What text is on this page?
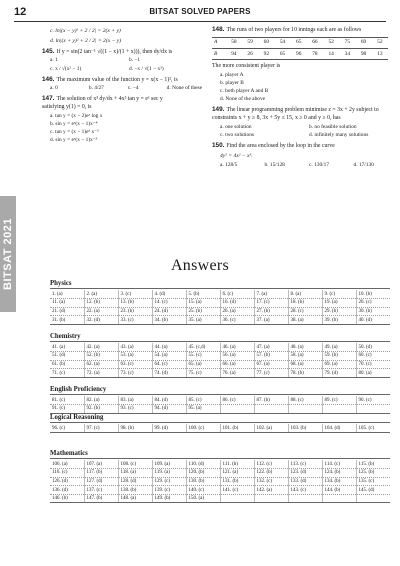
12	BITSAT SOLVED PAPERS
BITSAT 2021
c. ln|(x − y)² + 2 / 2| = 2(x + y)
d. ln|(x + y)² + 2 / 2| = 2(x − y)
145. If y = sin(2 tan⁻¹ √((1 − x)/(1 + x))), then dy/dx is
a. 1	b. −1
c. x / √(x² − 1)	d. −x / √(1 − x²)
146. The maximum value of the function y = x(x − 1)², is
a. 0	b. 4/27	c. −4	d. None of these
147. The solution of x³ dy/dx + 4x² tan y = eˣ sec y
satisfying y(1) = 0, is
a. tan y = (x − 2)eˣ log x
b. sin y = eˣ(x − 1)x⁻⁴
c. tan y = (x − 1)eˣ x⁻³
d. sin y = eˣ(x − 1)x⁻³
148. The runs of two players for 10 innings each are as follows
A	58	59	60	54	65	66	52	75	69	52
B	94	26	92	65	96	78	14	34	98	13
The more consistent player is
a. player A
b. player B
c. both player A and B
d. None of the above
149. The linear programming problem minimise z = 3x + 2y subject to constraints x + y ≥ 8, 3x + 5y ≤ 15, x ≥ 0 and y ≥ 0, has
a. one solution	b. no feasible solution
c. two solutions	d. infinitely many solutions
150. Find the area enclosed by the loop in the curve
4y² = 4x² − x³.
a. 128/5	b. 15/128	c. 130/17	d. 17/130
Answers
Physics
1. (a)	2. (a)	3. (c)	4. (d)	5. (b)	6. (c)	7. (a)	8. (a)	9. (c)	10. (b)
11. (a)	12. (b)	13. (b)	14. (c)	15. (a)	16. (d)	17. (c)	18. (b)	19. (a)	20. (c)
21. (d)	22. (a)	23. (b)	24. (d)	25. (b)	26. (a)	27. (b)	28. (c)	29. (b)	30. (b)
31. (b)	32. (d)	33. (c)	34. (b)	35. (a)	36. (c)	37. (a)	38. (a)	39. (b)	40. (d)
Chemistry
41. (a)	42. (a)	43. (a)	44. (a)	45. (c,d)	46. (a)	47. (a)	48. (a)	49. (a)	50. (d)
51. (d)	52. (b)	53. (a)	54. (a)	55. (c)	56. (a)	57. (b)	58. (a)	59. (b)	60. (c)
61. (b)	62. (a)	63. (c)	64. (c)	65. (a)	66. (a)	67. (a)	68. (a)	69. (a)	70. (c)
71. (c)	72. (a)	73. (c)	74. (d)	75. (c)	76. (a)	77. (c)	78. (b)	79. (d)	80. (a)
English Proficiency
81. (c)	82. (a)	83. (a)	84. (d)	85. (c)	86. (c)	87. (b)	88. (c)	89. (c)	90. (c)
91. (c)	92. (b)	93. (c)	94. (d)	95. (a)					
Logical Reasoning
96. (c)	97. (c)	98. (b)	99. (d)	100. (c)	101. (b)	102. (a)	103. (b)	104. (d)	105. (c)
Mathematics
106. (a)	107. (a)	108. (c)	109. (a)	110. (d)	111. (b)	112. (c)	113. (c)	114. (c)	115. (b)
116. (c)	117. (b)	118. (a)	119. (a)	120. (b)	121. (a)	122. (b)	123. (d)	124. (b)	125. (b)
126. (d)	127. (d)	128. (d)	129. (c)	130. (b)	131. (b)	132. (c)	133. (d)	134. (b)	135. (c)
136. (d)	137. (c)	138. (b)	139. (c)	140. (c)	141. (c)	142. (a)	143. (c)	144. (b)	145. (d)
146. (b)	147. (b)	148. (a)	149. (b)	150. (a)					
